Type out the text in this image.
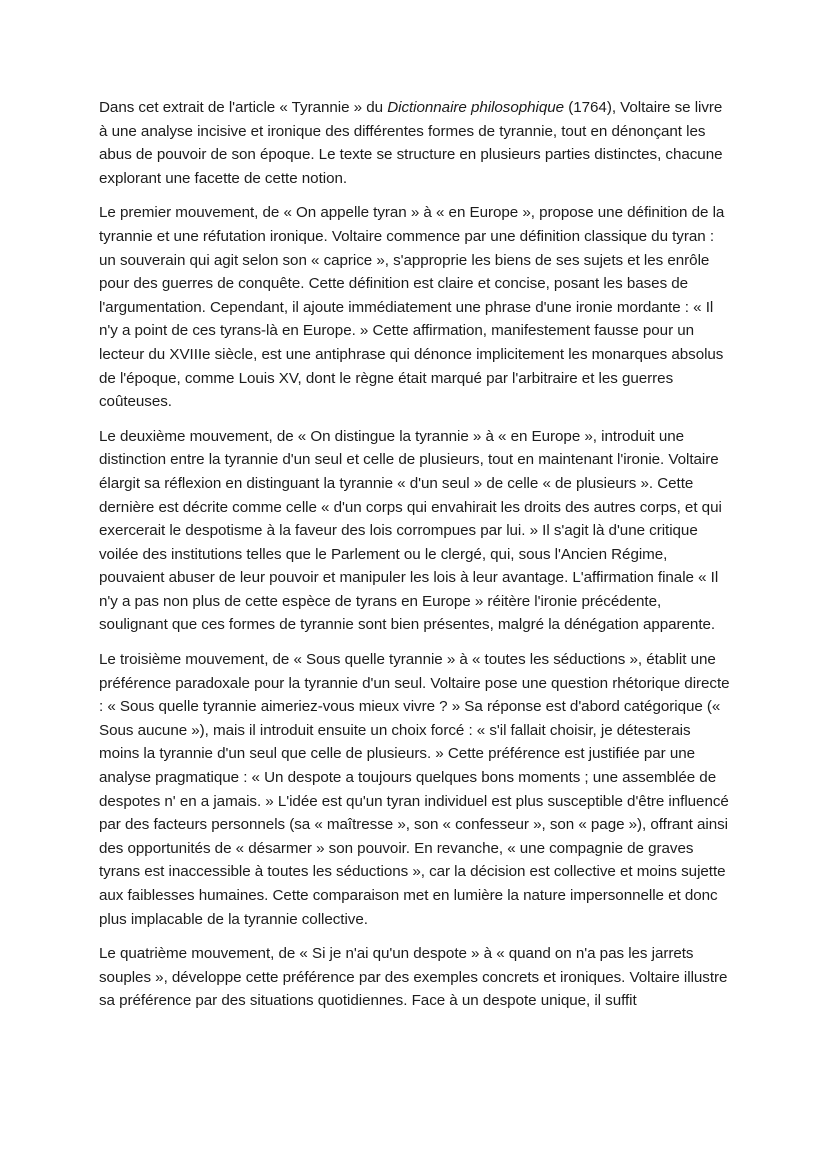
Dans cet extrait de l'article « Tyrannie » du Dictionnaire philosophique (1764), Voltaire se livre à une analyse incisive et ironique des différentes formes de tyrannie, tout en dénonçant les abus de pouvoir de son époque. Le texte se structure en plusieurs parties distinctes, chacune explorant une facette de cette notion.

Le premier mouvement, de « On appelle tyran » à « en Europe », propose une définition de la tyrannie et une réfutation ironique. Voltaire commence par une définition classique du tyran : un souverain qui agit selon son « caprice », s'approprie les biens de ses sujets et les enrôle pour des guerres de conquête. Cette définition est claire et concise, posant les bases de l'argumentation. Cependant, il ajoute immédiatement une phrase d'une ironie mordante : « Il n'y a point de ces tyrans-là en Europe. » Cette affirmation, manifestement fausse pour un lecteur du XVIIIe siècle, est une antiphrase qui dénonce implicitement les monarques absolus de l'époque, comme Louis XV, dont le règne était marqué par l'arbitraire et les guerres coûteuses.

Le deuxième mouvement, de « On distingue la tyrannie » à « en Europe », introduit une distinction entre la tyrannie d'un seul et celle de plusieurs, tout en maintenant l'ironie. Voltaire élargit sa réflexion en distinguant la tyrannie « d'un seul » de celle « de plusieurs ». Cette dernière est décrite comme celle « d'un corps qui envahirait les droits des autres corps, et qui exercerait le despotisme à la faveur des lois corrompues par lui. » Il s'agit là d'une critique voilée des institutions telles que le Parlement ou le clergé, qui, sous l'Ancien Régime, pouvaient abuser de leur pouvoir et manipuler les lois à leur avantage. L'affirmation finale « Il n'y a pas non plus de cette espèce de tyrans en Europe » réitère l'ironie précédente, soulignant que ces formes de tyrannie sont bien présentes, malgré la dénégation apparente.

Le troisième mouvement, de « Sous quelle tyrannie » à « toutes les séductions », établit une préférence paradoxale pour la tyrannie d'un seul. Voltaire pose une question rhétorique directe : « Sous quelle tyrannie aimeriez-vous mieux vivre ? » Sa réponse est d'abord catégorique (« Sous aucune »), mais il introduit ensuite un choix forcé : « s'il fallait choisir, je détesterais moins la tyrannie d'un seul que celle de plusieurs. » Cette préférence est justifiée par une analyse pragmatique : « Un despote a toujours quelques bons moments ; une assemblée de despotes n' en a jamais. » L'idée est qu'un tyran individuel est plus susceptible d'être influencé par des facteurs personnels (sa « maîtresse », son « confesseur », son « page »), offrant ainsi des opportunités de « désarmer » son pouvoir. En revanche, « une compagnie de graves tyrans est inaccessible à toutes les séductions », car la décision est collective et moins sujette aux faiblesses humaines. Cette comparaison met en lumière la nature impersonnelle et donc plus implacable de la tyrannie collective.

Le quatrième mouvement, de « Si je n'ai qu'un despote » à « quand on n'a pas les jarrets souples », développe cette préférence par des exemples concrets et ironiques. Voltaire illustre sa préférence par des situations quotidiennes. Face à un despote unique, il suffit
